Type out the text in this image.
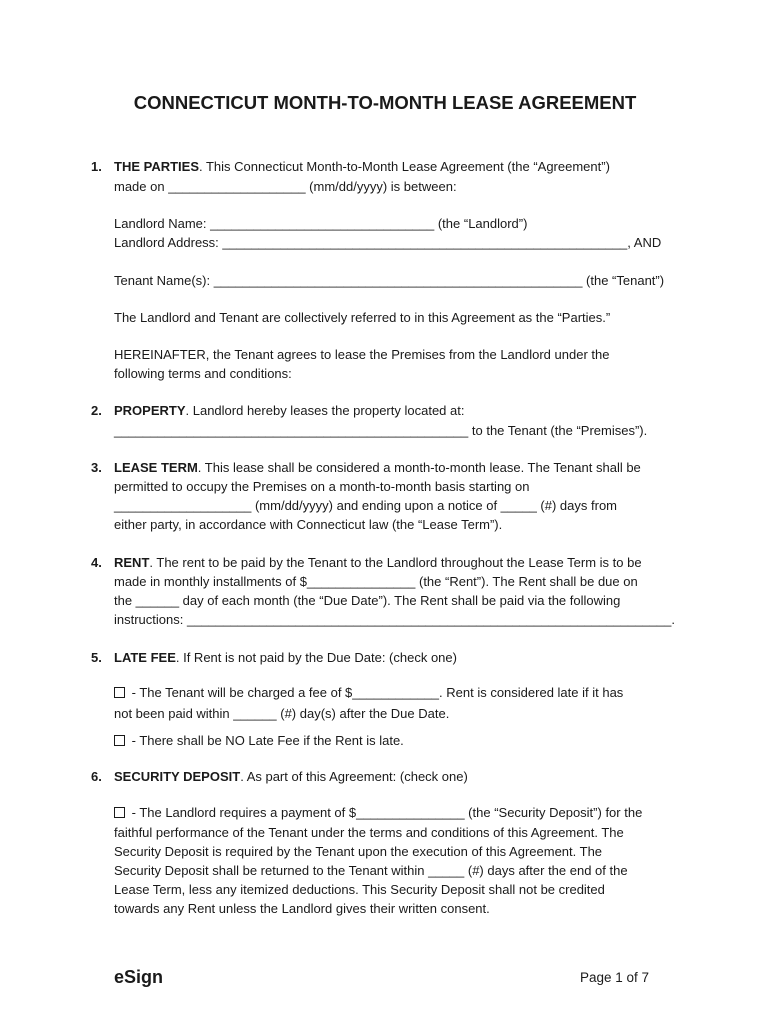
CONNECTICUT MONTH-TO-MONTH LEASE AGREEMENT
1. THE PARTIES. This Connecticut Month-to-Month Lease Agreement (the “Agreement”)
made on ___________________ (mm/dd/yyyy) is between:
Landlord Name: _______________________________ (the “Landlord”)
Landlord Address: ________________________________________________________, AND
Tenant Name(s): ___________________________________________________ (the “Tenant”)
The Landlord and Tenant are collectively referred to in this Agreement as the “Parties.”
HEREINAFTER, the Tenant agrees to lease the Premises from the Landlord under the
following terms and conditions:
2. PROPERTY. Landlord hereby leases the property located at:
_________________________________________________ to the Tenant (the “Premises”).
3. LEASE TERM. This lease shall be considered a month-to-month lease. The Tenant shall be
permitted to occupy the Premises on a month-to-month basis starting on
___________________ (mm/dd/yyyy) and ending upon a notice of _____ (#) days from
either party, in accordance with Connecticut law (the “Lease Term”).
4. RENT. The rent to be paid by the Tenant to the Landlord throughout the Lease Term is to be
made in monthly installments of $_______________ (the “Rent”). The Rent shall be due on
the ______ day of each month (the “Due Date”). The Rent shall be paid via the following
instructions: ___________________________________________________________________.
5. LATE FEE. If Rent is not paid by the Due Date: (check one)
- The Tenant will be charged a fee of $____________. Rent is considered late if it has
not been paid within ______ (#) day(s) after the Due Date.
- There shall be NO Late Fee if the Rent is late.
6. SECURITY DEPOSIT. As part of this Agreement: (check one)
- The Landlord requires a payment of $_______________ (the “Security Deposit”) for the
faithful performance of the Tenant under the terms and conditions of this Agreement. The
Security Deposit is required by the Tenant upon the execution of this Agreement. The
Security Deposit shall be returned to the Tenant within _____ (#) days after the end of the
Lease Term, less any itemized deductions. This Security Deposit shall not be credited
towards any Rent unless the Landlord gives their written consent.
eSign	Page 1 of 7
